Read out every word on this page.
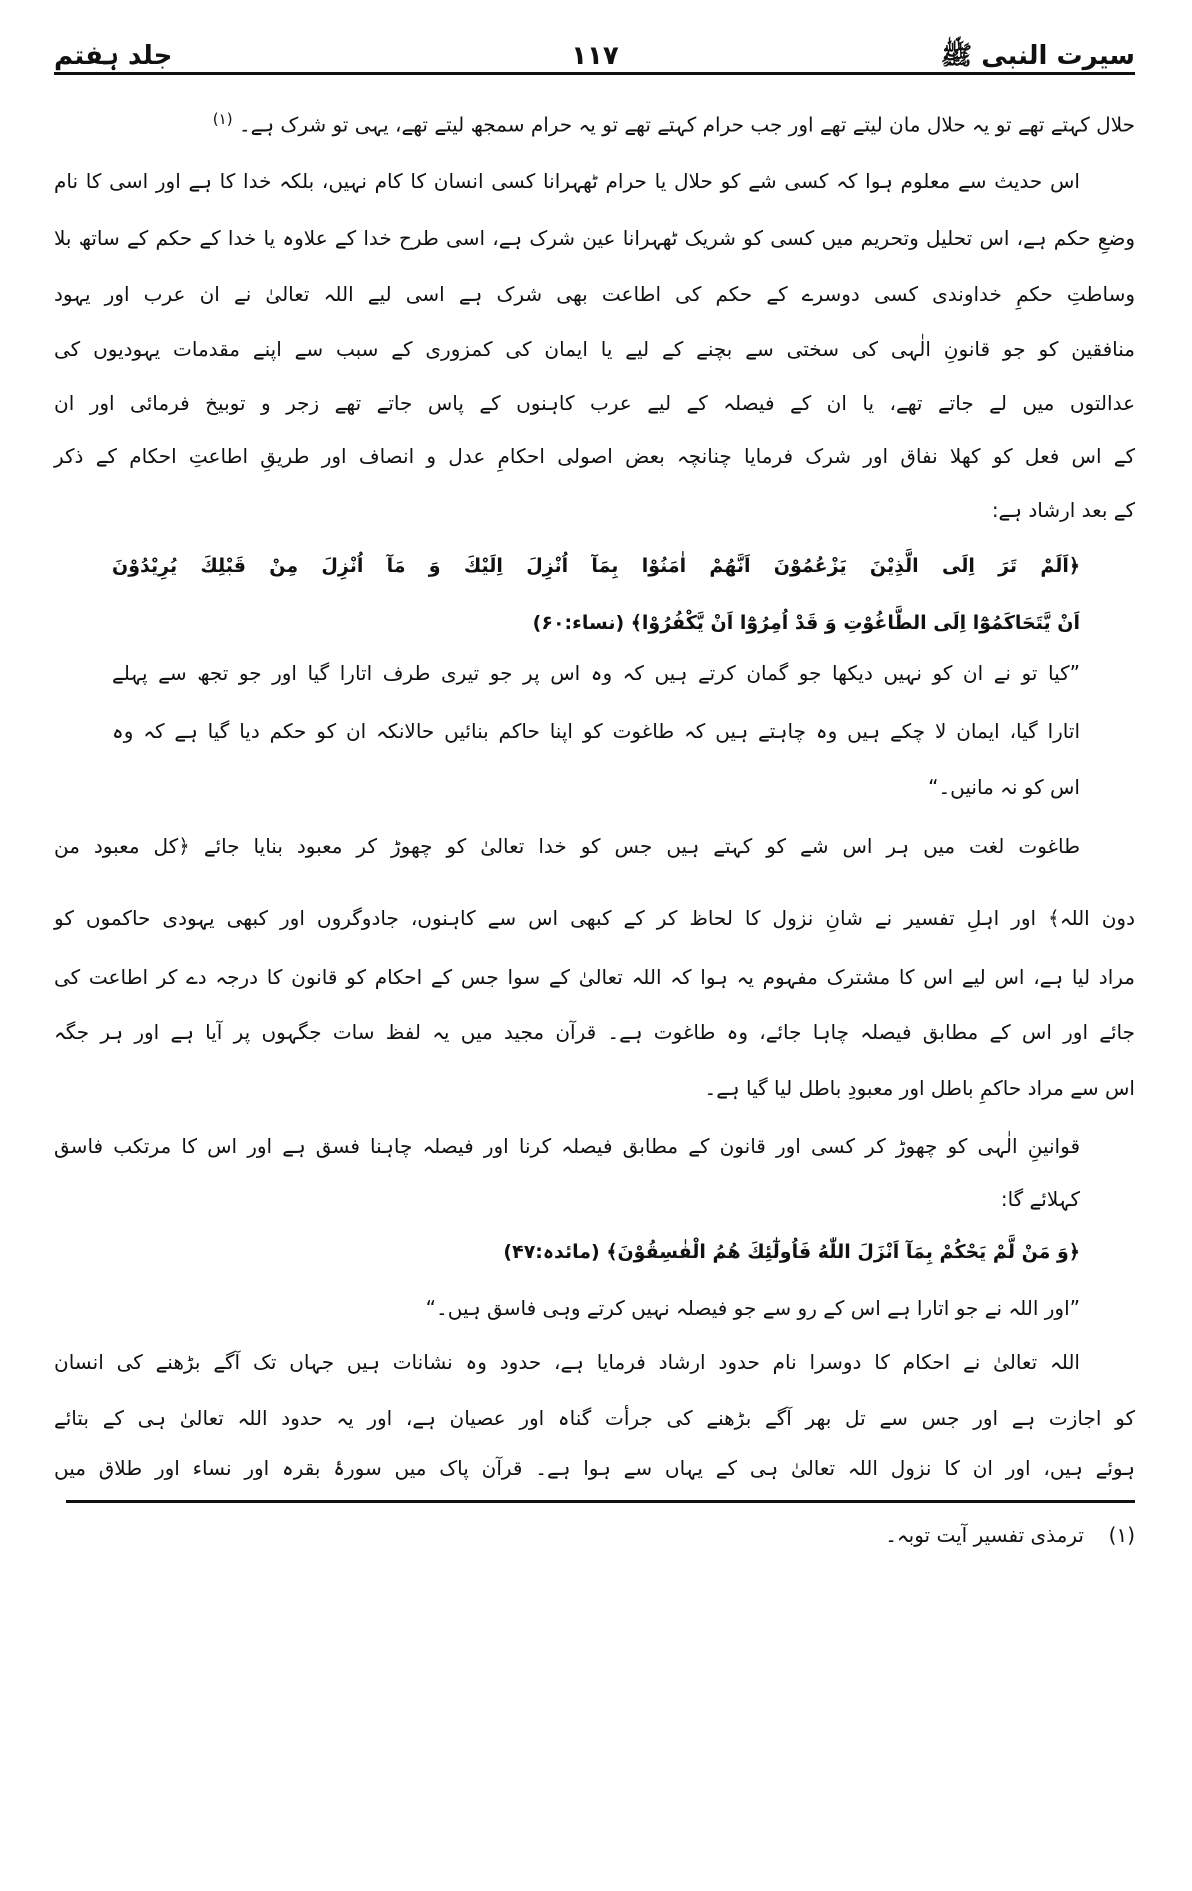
سیرت النبی ﷺ
۱۱۷
جلد ہفتم
حلال کہتے تھے تو یہ حلال مان لیتے تھے اور جب حرام کہتے تھے تو یہ حرام سمجھ لیتے تھے، یہی تو شرک ہے۔ $^{(۱)}$
اس حدیث سے معلوم ہوا کہ کسی شے کو حلال یا حرام ٹھہرانا کسی انسان کا کام نہیں، بلکہ خدا کا ہے اور اسی کا نام
وضعِ حکم ہے، اس تحلیل وتحریم میں کسی کو شریک ٹھہرانا عین شرک ہے، اسی طرح خدا کے علاوہ یا خدا کے حکم کے ساتھ بلا
وساطتِ حکمِ خداوندی کسی دوسرے کے حکم کی اطاعت بھی شرک ہے اسی لیے اللہ تعالیٰ نے ان عرب اور یہود
منافقین کو جو قانونِ الٰہی کی سختی سے بچنے کے لیے یا ایمان کی کمزوری کے سبب سے اپنے مقدمات یہودیوں کی
عدالتوں میں لے جاتے تھے، یا ان کے فیصلہ کے لیے عرب کاہنوں کے پاس جاتے تھے زجر و توبیخ فرمائی اور ان
کے اس فعل کو کھلا نفاق اور شرک فرمایا چنانچہ بعض اصولی احکامِ عدل و انصاف اور طریقِ اطاعتِ احکام کے ذکر
کے بعد ارشاد ہے:
﴿اَلَمْ تَرَ اِلَى الَّذِيْنَ يَزْعُمُوْنَ اَنَّهُمْ اٰمَنُوْا بِمَآ اُنْزِلَ اِلَيْكَ وَ مَآ اُنْزِلَ مِنْ قَبْلِكَ يُرِيْدُوْنَ
اَنْ يَّتَحَاكَمُوْٓا اِلَى الطَّاغُوْتِ وَ قَدْ اُمِرُوْٓا اَنْ يَّكْفُرُوْا﴾ (نساء:۶۰)
”کیا تو نے ان کو نہیں دیکھا جو گمان کرتے ہیں کہ وہ اس پر جو تیری طرف اتارا گیا اور جو تجھ سے پہلے
اتارا گیا، ایمان لا چکے ہیں وہ چاہتے ہیں کہ طاغوت کو اپنا حاکم بنائیں حالانکہ ان کو حکم دیا گیا ہے کہ وہ
اس کو نہ مانیں۔“
طاغوت لغت میں ہر اس شے کو کہتے ہیں جس کو خدا تعالیٰ کو چھوڑ کر معبود بنایا جائے ﴿کل معبود من
دون اللہ﴾ اور اہلِ تفسیر نے شانِ نزول کا لحاظ کر کے کبھی اس سے کاہنوں، جادوگروں اور کبھی یہودی حاکموں کو
مراد لیا ہے، اس لیے اس کا مشترک مفہوم یہ ہوا کہ اللہ تعالیٰ کے سوا جس کے احکام کو قانون کا درجہ دے کر اطاعت کی
جائے اور اس کے مطابق فیصلہ چاہا جائے، وہ طاغوت ہے۔ قرآن مجید میں یہ لفظ سات جگہوں پر آیا ہے اور ہر جگہ
اس سے مراد حاکمِ باطل اور معبودِ باطل لیا گیا ہے۔
قوانینِ الٰہی کو چھوڑ کر کسی اور قانون کے مطابق فیصلہ کرنا اور فیصلہ چاہنا فسق ہے اور اس کا مرتکب فاسق
کہلائے گا:
﴿وَ مَنْ لَّمْ يَحْكُمْ بِمَآ اَنْزَلَ اللّٰهُ فَاُولٰٓئِكَ هُمُ الْفٰسِقُوْنَ﴾ (مائدہ:۴۷)
”اور اللہ نے جو اتارا ہے اس کے رو سے جو فیصلہ نہیں کرتے وہی فاسق ہیں۔“
اللہ تعالیٰ نے احکام کا دوسرا نام حدود ارشاد فرمایا ہے، حدود وہ نشانات ہیں جہاں تک آگے بڑھنے کی انسان
کو اجازت ہے اور جس سے تل بھر آگے بڑھنے کی جرأت گناہ اور عصیان ہے، اور یہ حدود اللہ تعالیٰ ہی کے بتائے
ہوئے ہیں، اور ان کا نزول اللہ تعالیٰ ہی کے یہاں سے ہوا ہے۔ قرآن پاک میں سورۂ بقرہ اور نساء اور طلاق میں
(۱)
ترمذی تفسیر آیت توبہ۔
